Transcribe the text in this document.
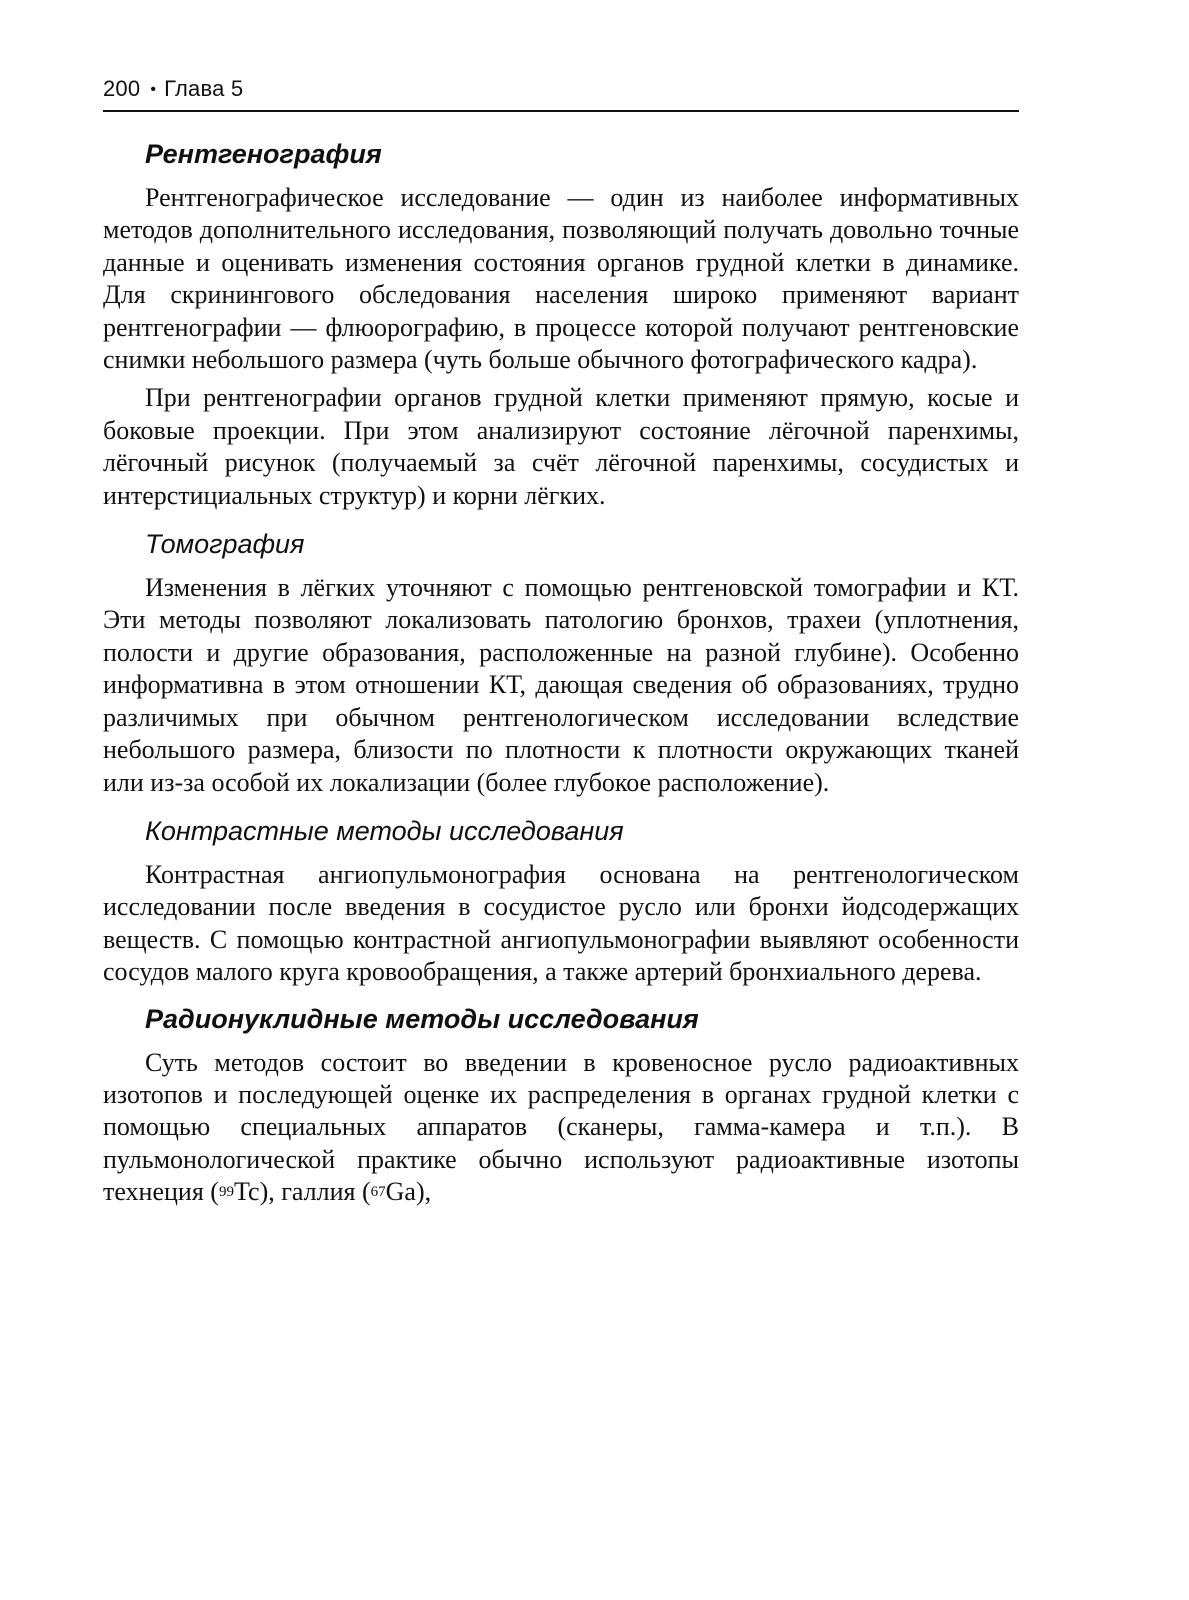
200 • Глава 5
Рентгенография

Рентгенографическое исследование — один из наиболее информативных методов дополнительного исследования, позволяющий получать довольно точные данные и оценивать изменения состояния органов грудной клетки в динамике. Для скринингового обследования населения широко применяют вариант рентгенографии — флюорографию, в процессе которой получают рентгеновские снимки небольшого размера (чуть больше обычного фотографического кадра).

При рентгенографии органов грудной клетки применяют прямую, косые и боковые проекции. При этом анализируют состояние лёгочной паренхимы, лёгочный рисунок (получаемый за счёт лёгочной паренхимы, сосудистых и интерстициальных структур) и корни лёгких.

Томография

Изменения в лёгких уточняют с помощью рентгеновской томографии и КТ. Эти методы позволяют локализовать патологию бронхов, трахеи (уплотнения, полости и другие образования, расположенные на разной глубине). Особенно информативна в этом отношении КТ, дающая сведения об образованиях, трудно различимых при обычном рентгенологическом исследовании вследствие небольшого размера, близости по плотности к плотности окружающих тканей или из-за особой их локализации (более глубокое расположение).

Контрастные методы исследования

Контрастная ангиопульмонография основана на рентгенологическом исследовании после введения в сосудистое русло или бронхи йодсодержащих веществ. С помощью контрастной ангиопульмонографии выявляют особенности сосудов малого круга кровообращения, а также артерий бронхиального дерева.

Радионуклидные методы исследования

Суть методов состоит во введении в кровеносное русло радиоактивных изотопов и последующей оценке их распределения в органах грудной клетки с помощью специальных аппаратов (сканеры, гамма-камера и т.п.). В пульмонологической практике обычно используют радиоактивные изотопы технеция ($^{99}$Tc), галлия ($^{67}$Ga),
